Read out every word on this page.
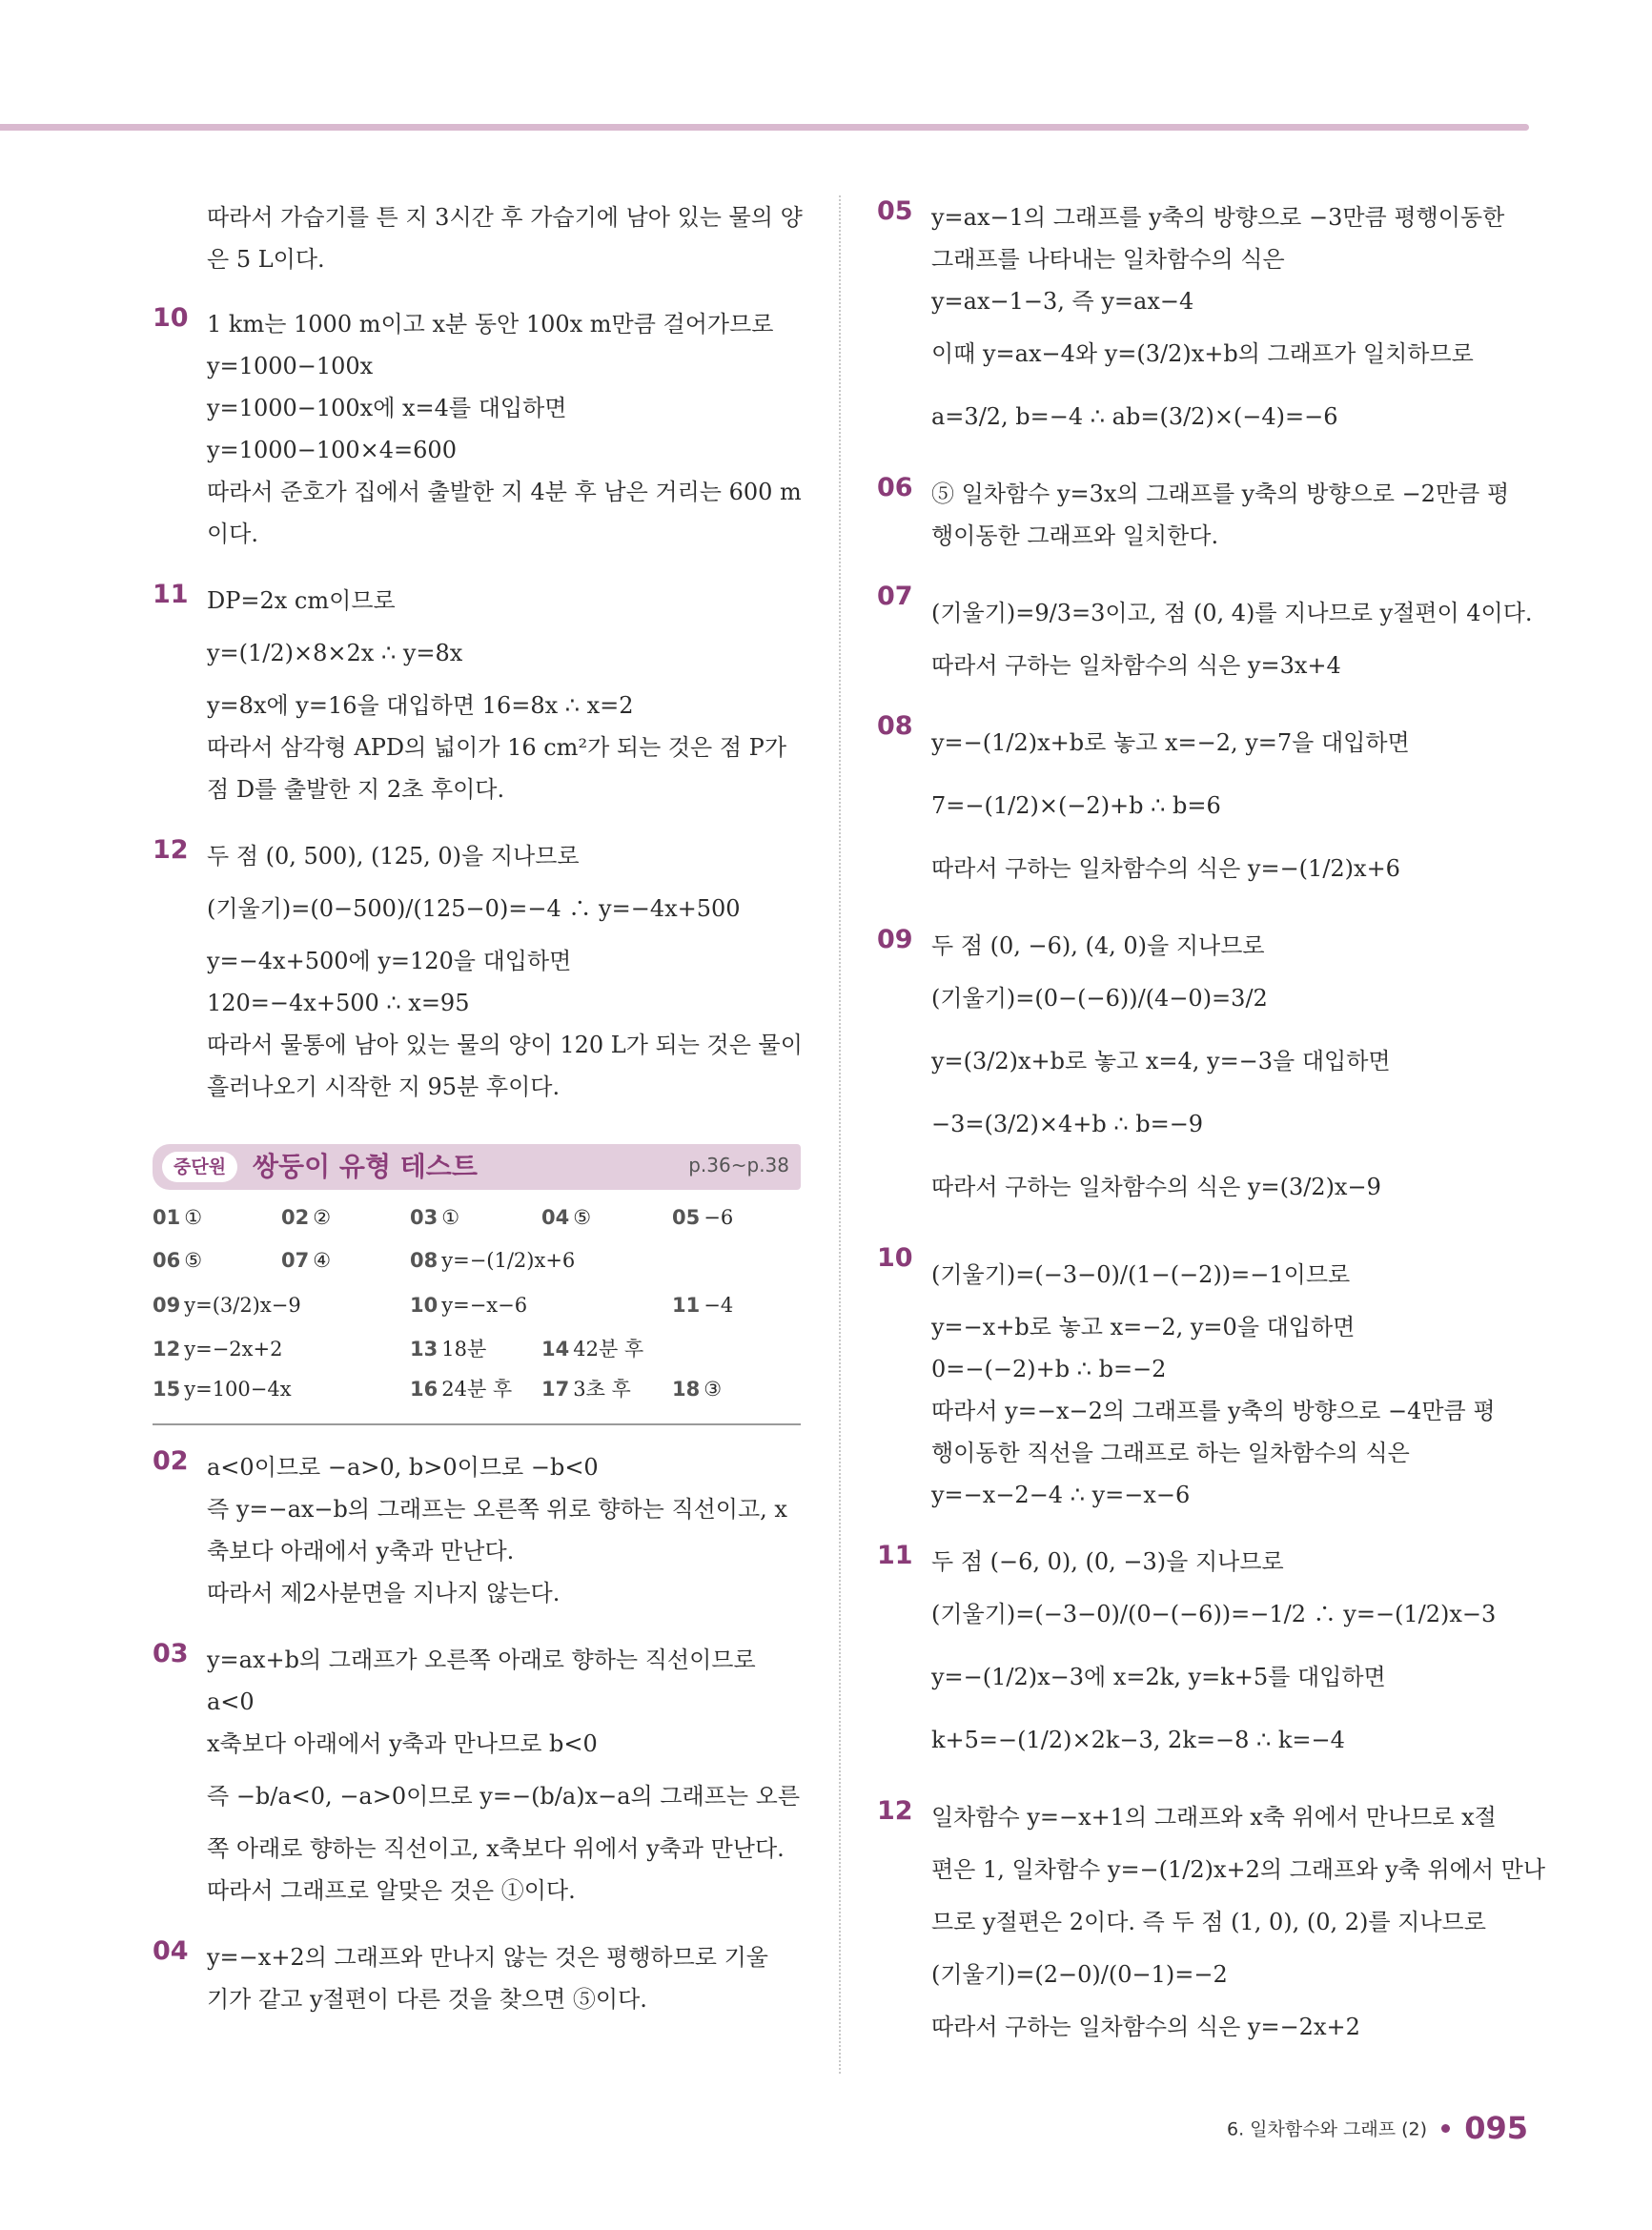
따라서 가습기를 튼 지 3시간 후 가습기에 남아 있는 물의 양
은 5 L이다.
10 1 km는 1000 m이고 x분 동안 100x m만큼 걸어가므로
y=1000−100x
y=1000−100x에 x=4를 대입하면
y=1000−100×4=600
따라서 준호가 집에서 출발한 지 4분 후 남은 거리는 600 m
이다.
11 DP=2x cm이므로
y=(1/2)×8×2x ∴ y=8x
y=8x에 y=16을 대입하면 16=8x ∴ x=2
따라서 삼각형 APD의 넓이가 16 cm²가 되는 것은 점 P가
점 D를 출발한 지 2초 후이다.
12 두 점 (0, 500), (125, 0)을 지나므로
(기울기)=(0−500)/(125−0)=−4 ∴ y=−4x+500
y=−4x+500에 y=120을 대입하면
120=−4x+500 ∴ x=95
따라서 물통에 남아 있는 물의 양이 120 L가 되는 것은 물이
흘러나오기 시작한 지 95분 후이다.
중단원 쌍둥이 유형 테스트	p.36~p.38
01 ①	02 ②	03 ①	04 ⑤	05 −6
06 ⑤	07 ④	08 y=−(1/2)x+6
09 y=(3/2)x−9	10 y=−x−6	11 −4
12 y=−2x+2	13 18분	14 42분 후
15 y=100−4x	16 24분 후 17 3초 후 18 ③
02 a<0이므로 −a>0, b>0이므로 −b<0
즉 y=−ax−b의 그래프는 오른쪽 위로 향하는 직선이고, x
축보다 아래에서 y축과 만난다.
따라서 제2사분면을 지나지 않는다.
03 y=ax+b의 그래프가 오른쪽 아래로 향하는 직선이므로
a<0
x축보다 아래에서 y축과 만나므로 b<0
즉 −b/a<0, −a>0이므로 y=−(b/a)x−a의 그래프는 오른
쪽 아래로 향하는 직선이고, x축보다 위에서 y축과 만난다.
따라서 그래프로 알맞은 것은 ①이다.
04 y=−x+2의 그래프와 만나지 않는 것은 평행하므로 기울
기가 같고 y절편이 다른 것을 찾으면 ⑤이다.
05 y=ax−1의 그래프를 y축의 방향으로 −3만큼 평행이동한
그래프를 나타내는 일차함수의 식은
y=ax−1−3, 즉 y=ax−4
이때 y=ax−4와 y=(3/2)x+b의 그래프가 일치하므로
a=3/2, b=−4 ∴ ab=(3/2)×(−4)=−6
06 ⑤ 일차함수 y=3x의 그래프를 y축의 방향으로 −2만큼 평
행이동한 그래프와 일치한다.
07
(기울기)=9/3=3이고, 점 (0, 4)를 지나므로 y절편이 4이다.
따라서 구하는 일차함수의 식은 y=3x+4
08
y=−(1/2)x+b로 놓고 x=−2, y=7을 대입하면
7=−(1/2)×(−2)+b ∴ b=6
따라서 구하는 일차함수의 식은 y=−(1/2)x+6
09 두 점 (0, −6), (4, 0)을 지나므로
(기울기)=(0−(−6))/(4−0)=3/2
y=(3/2)x+b로 놓고 x=4, y=−3을 대입하면
−3=(3/2)×4+b ∴ b=−9
따라서 구하는 일차함수의 식은 y=(3/2)x−9
10
(기울기)=(−3−0)/(1−(−2))=−1이므로
y=−x+b로 놓고 x=−2, y=0을 대입하면
0=−(−2)+b ∴ b=−2
따라서 y=−x−2의 그래프를 y축의 방향으로 −4만큼 평
행이동한 직선을 그래프로 하는 일차함수의 식은
y=−x−2−4 ∴ y=−x−6
11 두 점 (−6, 0), (0, −3)을 지나므로
(기울기)=(−3−0)/(0−(−6))=−1/2 ∴ y=−(1/2)x−3
y=−(1/2)x−3에 x=2k, y=k+5를 대입하면
k+5=−(1/2)×2k−3, 2k=−8 ∴ k=−4
12 일차함수 y=−x+1의 그래프와 x축 위에서 만나므로 x절
편은 1, 일차함수 y=−(1/2)x+2의 그래프와 y축 위에서 만나
므로 y절편은 2이다. 즉 두 점 (1, 0), (0, 2)를 지나므로
(기울기)=(2−0)/(0−1)=−2
따라서 구하는 일차함수의 식은 y=−2x+2
6. 일차함수와 그래프 (2) 095
